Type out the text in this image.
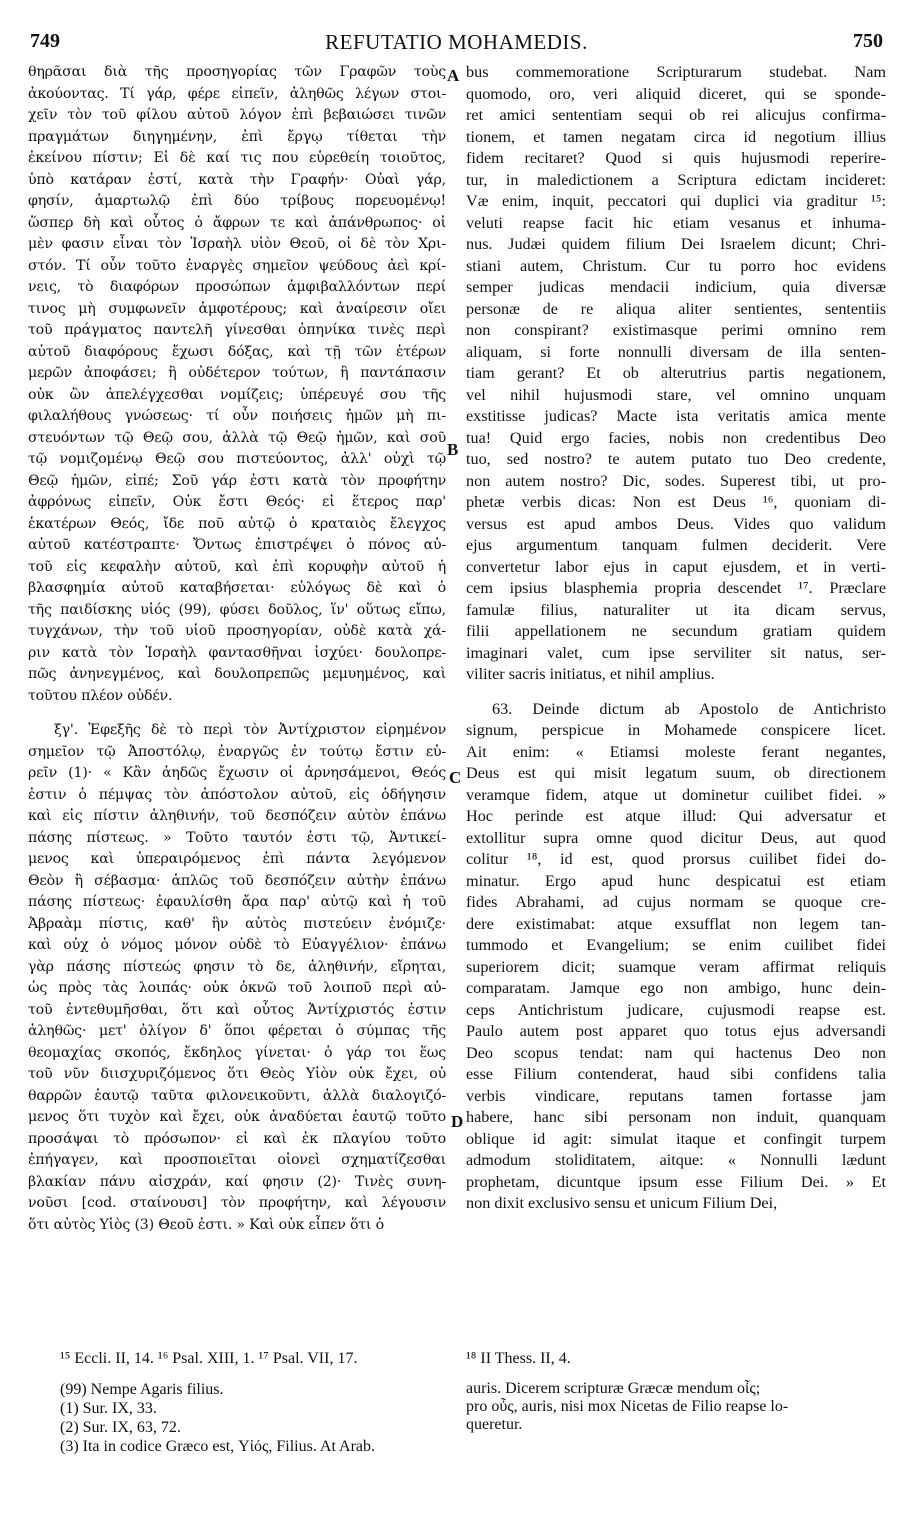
REFUTATIO MOHAMEDIS.
749	750
θηρᾶσαι διὰ τῆς προσηγορίας τῶν Γραφῶν τοὺς
ἀκούοντας. Τί γάρ, φέρε εἰπεῖν, ἀληθῶς λέγων στοι-
χεῖν τὸν τοῦ φίλου αὐτοῦ λόγον ἐπὶ βεβαιώσει τινῶν
πραγμάτων διηγημένην, ἐπὶ ἔργῳ τίθεται τὴν
ἐκείνου πίστιν; Εἰ δὲ καί τις που εὑρεθείη τοιοῦτος,
ὑπὸ κατάραν ἐστί, κατὰ τὴν Γραφήν· Οὐαὶ γάρ,
φησίν, ἁμαρτωλῷ ἐπὶ δύο τρίβους πορευομένῳ!
ὥσπερ δὴ καὶ οὗτος ὁ ἄφρων τε καὶ ἀπάνθρωπος· οἱ
μὲν φασιν εἶναι τὸν Ἰσραὴλ υἱὸν Θεοῦ, οἱ δὲ τὸν Χρι-
στόν. Τί οὖν τοῦτο ἐναργὲς σημεῖον ψεύδους ἀεὶ κρί-
νεις, τὸ διαφόρων προσώπων ἀμφιβαλλόντων περί
τινος μὴ συμφωνεῖν ἀμφοτέρους; καὶ ἀναίρεσιν οἴει
τοῦ πράγματος παντελῆ γίνεσθαι ὁπηνίκα τινὲς περὶ
αὐτοῦ διαφόρους ἔχωσι δόξας, καὶ τῇ τῶν ἑτέρων
μερῶν ἀποφάσει; ἢ οὐδέτερον τούτων, ἢ παντάπασιν
οὐκ ὢν ἀπελέγχεσθαι νομίζεις; ὑπέρευγέ σου τῆς
φιλαλήθους γνώσεως· τί οὖν ποιήσεις ἡμῶν μὴ πι-
στευόντων τῷ Θεῷ σου, ἀλλὰ τῷ Θεῷ ἡμῶν, καὶ σοῦ
τῷ νομιζομένῳ Θεῷ σου πιστεύοντος, ἀλλ' οὐχὶ τῷ
Θεῷ ἡμῶν, εἰπέ; Σοῦ γάρ ἐστι κατὰ τὸν προφήτην
ἀφρόνως εἰπεῖν, Οὐκ ἔστι Θεός· εἰ ἕτερος παρ'
ἑκατέρων Θεός, ἴδε ποῦ αὐτῷ ὁ κραταιὸς ἔλεγχος
αὐτοῦ κατέστραπτε· Ὄντως ἐπιστρέψει ὁ πόνος αὐ-
τοῦ εἰς κεφαλὴν αὐτοῦ, καὶ ἐπὶ κορυφὴν αὐτοῦ ἡ
βλασφημία αὐτοῦ καταβήσεται· εὐλόγως δὲ καὶ ὁ
τῆς παιδίσκης υἱός (99), φύσει δοῦλος, ἵν' οὕτως εἴπω,
τυγχάνων, τὴν τοῦ υἱοῦ προσηγορίαν, οὐδὲ κατὰ χά-
ριν κατὰ τὸν Ἰσραὴλ φαντασθῆναι ἰσχύει· δουλοπρε-
πῶς ἀνηνεγμένος, καὶ δουλοπρεπῶς μεμυημένος, καὶ
τοῦτου πλέον οὐδέν.
ξγ'. Ἐφεξῆς δὲ τὸ περὶ τὸν Ἀντίχριστον εἰρημένον
σημεῖον τῷ Ἀποστόλῳ, ἐναργῶς ἐν τούτῳ ἔστιν εὑ-
ρεῖν (1)· « Κἂν ἀηδῶς ἔχωσιν οἱ ἀρνησάμενοι, Θεός
ἐστιν ὁ πέμψας τὸν ἀπόστολον αὐτοῦ, εἰς ὁδήγησιν
καὶ εἰς πίστιν ἀληθινήν, τοῦ δεσπόζειν αὐτὸν ἐπάνω
πάσης πίστεως. » Τοῦτο ταυτόν ἐστι τῷ, Ἀντικεί-
μενος καὶ ὑπεραιρόμενος ἐπὶ πάντα λεγόμενον
Θεὸν ἢ σέβασμα· ἁπλῶς τοῦ δεσπόζειν αὐτὴν ἐπάνω
πάσης πίστεως· ἐφαυλίσθη ἄρα παρ' αὐτῷ καὶ ἡ τοῦ
Ἀβραὰμ πίστις, καθ' ἣν αὐτὸς πιστεύειν ἐνόμιζε·
καὶ οὐχ ὁ νόμος μόνον οὐδὲ τὸ Εὐαγγέλιον· ἐπάνω
γὰρ πάσης πίστεώς φησιν τὸ δε, ἀληθινήν, εἴρηται,
ὡς πρὸς τὰς λοιπάς· οὐκ ὀκνῶ τοῦ λοιποῦ περὶ αὐ-
τοῦ ἐντεθυμῆσθαι, ὅτι καὶ οὗτος Ἀντίχριστός ἐστιν
ἀληθῶς· μετ' ὀλίγον δ' ὅποι φέρεται ὁ σύμπας τῆς
θεομαχίας σκοπός, ἔκδηλος γίνεται· ὁ γάρ τοι ἕως
τοῦ νῦν διισχυριζόμενος ὅτι Θεὸς Υἱὸν οὐκ ἔχει, οὐ
θαρρῶν ἑαυτῷ ταῦτα φιλονεικοῦντι, ἀλλὰ διαλογιζό-
μενος ὅτι τυχὸν καὶ ἔχει, οὐκ ἀναδύεται ἑαυτῷ τοῦτο
προσάψαι τὸ πρόσωπον· εἰ καὶ ἐκ πλαγίου τοῦτο
ἐπήγαγεν, καὶ προσποιεῖται οἱονεὶ σχηματίζεσθαι
βλακίαν πάνυ αἰσχράν, καί φησιν (2)· Τινὲς συνη-
νοῦσι [cod. σταίνουσι] τὸν προφήτην, καὶ λέγουσιν
ὅτι αὐτὸς Υἱὸς (3) Θεοῦ ἐστι. » Καὶ οὐκ εἶπεν ὅτι ὁ
bus commemoratione Scripturarum studebat. Nam
quomodo, oro, veri aliquid diceret, qui se sponde-
ret amici sententiam sequi ob rei alicujus confirma-
tionem, et tamen negatam circa id negotium illius
fidem recitaret? Quod si quis hujusmodi reperire-
tur, in maledictionem a Scriptura edictam incideret:
Væ enim, inquit, peccatori qui duplici via graditur ¹⁵:
veluti reapse facit hic etiam vesanus et inhuma-
nus. Judæi quidem filium Dei Israelem dicunt; Chri-
stiani autem, Christum. Cur tu porro hoc evidens
semper judicas mendacii indicium, quia diversæ
personæ de re aliqua aliter sentientes, sententiis
non conspirant? existimasque perimi omnino rem
aliquam, si forte nonnulli diversam de illa senten-
tiam gerant? Et ob alterutrius partis negationem,
vel nihil hujusmodi stare, vel omnino unquam
exstitisse judicas? Macte ista veritatis amica mente
tua! Quid ergo facies, nobis non credentibus Deo
tuo, sed nostro? te autem putato tuo Deo credente,
non autem nostro? Dic, sodes. Superest tibi, ut pro-
phetæ verbis dicas: Non est Deus ¹⁶, quoniam di-
versus est apud ambos Deus. Vides quo validum
ejus argumentum tanquam fulmen deciderit. Vere
convertetur labor ejus in caput ejusdem, et in verti-
cem ipsius blasphemia propria descendet ¹⁷. Præclare
famulæ filius, naturaliter ut ita dicam servus,
filii appellationem ne secundum gratiam quidem
imaginari valet, cum ipse serviliter sit natus, ser-
viliter sacris initiatus, et nihil amplius.
63. Deinde dictum ab Apostolo de Antichristo
signum, perspicue in Mohamede conspicere licet.
Ait enim: « Etiamsi moleste ferant negantes,
Deus est qui misit legatum suum, ob directionem
veramque fidem, atque ut dominetur cuilibet fidei. »
Hoc perinde est atque illud: Qui adversatur et
extollitur supra omne quod dicitur Deus, aut quod
colitur ¹⁸, id est, quod prorsus cuilibet fidei do-
minatur. Ergo apud hunc despicatui est etiam
fides Abrahami, ad cujus normam se quoque cre-
dere existimabat: atque exsufflat non legem tan-
tummodo et Evangelium; se enim cuilibet fidei
superiorem dicit; suamque veram affirmat reliquis
comparatam. Jamque ego non ambigo, hunc dein-
ceps Antichristum judicare, cujusmodi reapse est.
Paulo autem post apparet quo totus ejus adversandi
Deo scopus tendat: nam qui hactenus Deo non
esse Filium contenderat, haud sibi confidens talia
verbis vindicare, reputans tamen fortasse jam
habere, hanc sibi personam non induit, quanquam
oblique id agit: simulat itaque et confingit turpem
admodum stoliditatem, aitque: « Nonnulli lædunt
prophetam, dicuntque ipsum esse Filium Dei. » Et
non dixit exclusivo sensu et unicum Filium Dei,
A
B
C
D
¹⁵ Eccli. II, 14. ¹⁶ Psal. XIII, 1. ¹⁷ Psal. VII, 17.	¹⁸ II Thess. II, 4.
(99) Nempe Agaris filius.
(1) Sur. IX, 33.
(2) Sur. IX, 63, 72.
(3) Ita in codice Græco est, Υἱός, Filius. At Arab.
auris. Dicerem scripturæ Græcæ mendum οἶς;
pro οὖς, auris, nisi mox Nicetas de Filio reapse lo-
queretur.
